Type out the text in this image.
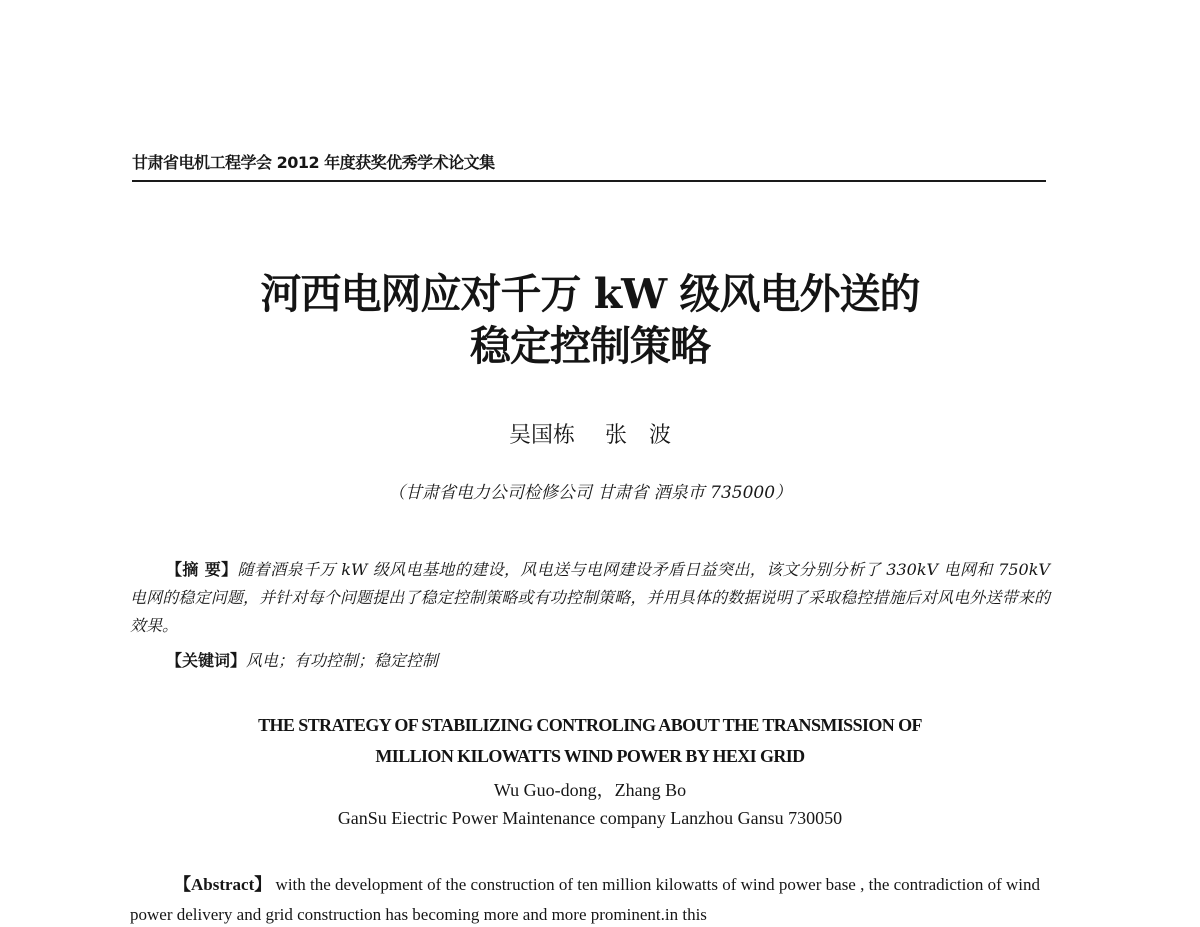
甘肃省电机工程学会 2012 年度获奖优秀学术论文集
河西电网应对千万 kW 级风电外送的
稳定控制策略
吴国栋 张　波
（甘肃省电力公司检修公司 甘肃省 酒泉市 735000）

【摘 要】随着酒泉千万 kW 级风电基地的建设，风电送与电网建设矛盾日益突出，该文分别分析了 330kV 电网和 750kV 电网的稳定问题，并针对每个问题提出了稳定控制策略或有功控制策略，并用具体的数据说明了采取稳控措施后对风电外送带来的效果。

【关键词】风电；有功控制；稳定控制
THE STRATEGY OF STABILIZING CONTROLING ABOUT THE TRANSMISSION OF
MILLION KILOWATTS WIND POWER BY HEXI GRID
Wu Guo-dong，Zhang Bo
GanSu Eiectric Power Maintenance company Lanzhou Gansu 730050

【Abstract】 with the development of the construction of ten million kilowatts of wind power base , the contradiction of wind power delivery and grid construction has becoming more and more prominent.in this
